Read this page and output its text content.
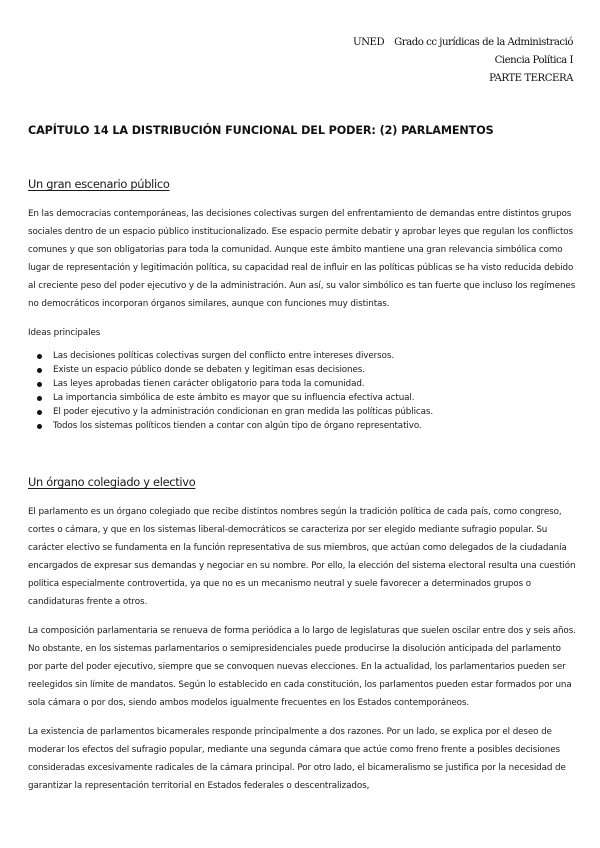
UNED Grado cc jurídicas de la Administració
Ciencia Política I
PARTE TERCERA
CAPÍTULO 14 LA DISTRIBUCIÓN FUNCIONAL DEL PODER: (2) PARLAMENTOS
Un gran escenario público

En las democracias contemporáneas, las decisiones colectivas surgen del enfrentamiento de demandas entre distintos grupos sociales dentro de un espacio público institucionalizado. Ese espacio permite debatir y aprobar leyes que regulan los conflictos comunes y que son obligatorias para toda la comunidad. Aunque este ámbito mantiene una gran relevancia simbólica como lugar de representación y legitimación política, su capacidad real de influir en las políticas públicas se ha visto reducida debido al creciente peso del poder ejecutivo y de la administración. Aun así, su valor simbólico es tan fuerte que incluso los regímenes no democráticos incorporan órganos similares, aunque con funciones muy distintas.

Ideas principales
Las decisiones políticas colectivas surgen del conflicto entre intereses diversos.
Existe un espacio público donde se debaten y legitiman esas decisiones.
Las leyes aprobadas tienen carácter obligatorio para toda la comunidad.
La importancia simbólica de este ámbito es mayor que su influencia efectiva actual.
El poder ejecutivo y la administración condicionan en gran medida las políticas públicas.
Todos los sistemas políticos tienden a contar con algún tipo de órgano representativo.
Un órgano colegiado y electivo

El parlamento es un órgano colegiado que recibe distintos nombres según la tradición política de cada país, como congreso, cortes o cámara, y que en los sistemas liberal-democráticos se caracteriza por ser elegido mediante sufragio popular. Su carácter electivo se fundamenta en la función representativa de sus miembros, que actúan como delegados de la ciudadanía encargados de expresar sus demandas y negociar en su nombre. Por ello, la elección del sistema electoral resulta una cuestión política especialmente controvertida, ya que no es un mecanismo neutral y suele favorecer a determinados grupos o candidaturas frente a otros.

La composición parlamentaria se renueva de forma periódica a lo largo de legislaturas que suelen oscilar entre dos y seis años. No obstante, en los sistemas parlamentarios o semipresidenciales puede producirse la disolución anticipada del parlamento por parte del poder ejecutivo, siempre que se convoquen nuevas elecciones. En la actualidad, los parlamentarios pueden ser reelegidos sin límite de mandatos. Según lo establecido en cada constitución, los parlamentos pueden estar formados por una sola cámara o por dos, siendo ambos modelos igualmente frecuentes en los Estados contemporáneos.

La existencia de parlamentos bicamerales responde principalmente a dos razones. Por un lado, se explica por el deseo de moderar los efectos del sufragio popular, mediante una segunda cámara que actúe como freno frente a posibles decisiones consideradas excesivamente radicales de la cámara principal. Por otro lado, el bicameralismo se justifica por la necesidad de garantizar la representación territorial en Estados federales o descentralizados,
